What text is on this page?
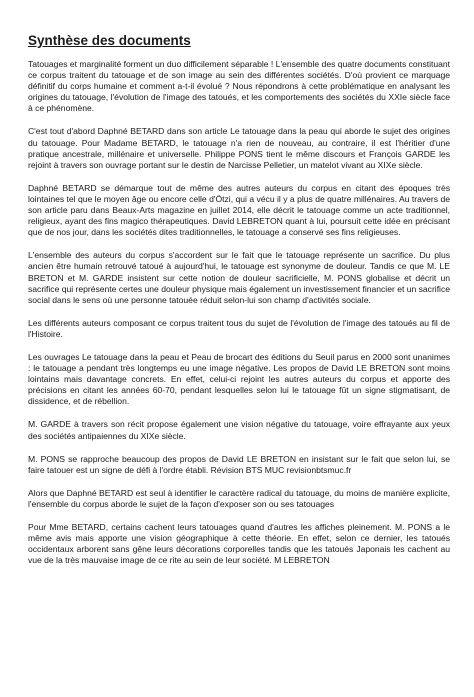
Synthèse des documents

Tatouages et marginalité forment un duo difficilement séparable ! L'ensemble des quatre documents constituant ce corpus traitent du tatouage et de son image au sein des différentes sociétés. D'où provient ce marquage définitif du corps humaine et comment a-t-il évolué ? Nous répondrons à cette problématique en analysant les origines du tatouage, l'évolution de l'image des tatoués, et les comportements des sociétés du XXIe siècle face à ce phénomène.

C'est tout d'abord Daphné BETARD dans son article Le tatouage dans la peau qui aborde le sujet des origines du tatouage. Pour Madame BETARD, le tatouage n'a rien de nouveau, au contraire, il est l'héritier d'une pratique ancestrale, millénaire et universelle. Philippe PONS tient le même discours et François GARDE les rejoint à travers son ouvrage portant sur le destin de Narcisse Pelletier, un matelot vivant au XIXe siècle.

Daphné BETARD se démarque tout de même des autres auteurs du corpus en citant des époques très lointaines tel que le moyen âge ou encore celle d'Ötzi, qui a vécu il y a plus de quatre millénaires. Au travers de son article paru dans Beaux-Arts magazine en juillet 2014, elle décrit le tatouage comme un acte traditionnel, religieux, ayant des fins magico thérapeutiques. David LEBRETON quant à lui, poursuit cette idée en précisant que de nos jour, dans les sociétés dites traditionnelles, le tatouage a conservé ses fins religieuses.

L'ensemble des auteurs du corpus s'accordent sur le fait que le tatouage représente un sacrifice. Du plus ancien être humain retrouvé tatoué à aujourd'hui, le tatouage est synonyme de douleur. Tandis ce que M. LE BRETON et M. GARDE insistent sur cette notion de douleur sacrificielle, M. PONS globalise et décrit un sacrifice qui représente certes une douleur physique mais également un investissement financier et un sacrifice social dans le sens où une personne tatouée réduit selon-lui son champ d'activités sociale.

Les différents auteurs composant ce corpus traitent tous du sujet de l'évolution de l'image des tatoués au fil de l'Histoire.

Les ouvrages Le tatouage dans la peau et Peau de brocart des éditions du Seuil parus en 2000 sont unanimes : le tatouage a pendant très longtemps eu une image négative. Les propos de David LE BRETON sont moins lointains mais davantage concrets. En effet, celui-ci rejoint les autres auteurs du corpus et apporte des précisions en citant les années 60-70, pendant lesquelles selon lui le tatouage fût un signe stigmatisant, de dissidence, et de rébellion.

M. GARDE à travers son récit propose également une vision négative du tatouage, voire effrayante aux yeux des sociétés antipaiennes du XIXe siècle.

M. PONS se rapproche beaucoup des propos de David LE BRETON en insistant sur le fait que selon lui, se faire tatouer est un signe de défi à l'ordre établi. Révision BTS MUC revisionbtsmuc.fr

Alors que Daphné BETARD est seul à identifier le caractère radical du tatouage, du moins de manière explicite, l'ensemble du corpus aborde le sujet de la façon d'exposer son ou ses tatouages

Pour Mme BETARD, certains cachent leurs tatouages quand d'autres les affiches pleinement. M. PONS a le même avis mais apporte une vision géographique à cette théorie. En effet, selon ce dernier, les tatoués occidentaux arborent sans gêne leurs décorations corporelles tandis que les tatoués Japonais les cachent au vue de la très mauvaise image de ce rite au sein de leur société. M LEBRETON
